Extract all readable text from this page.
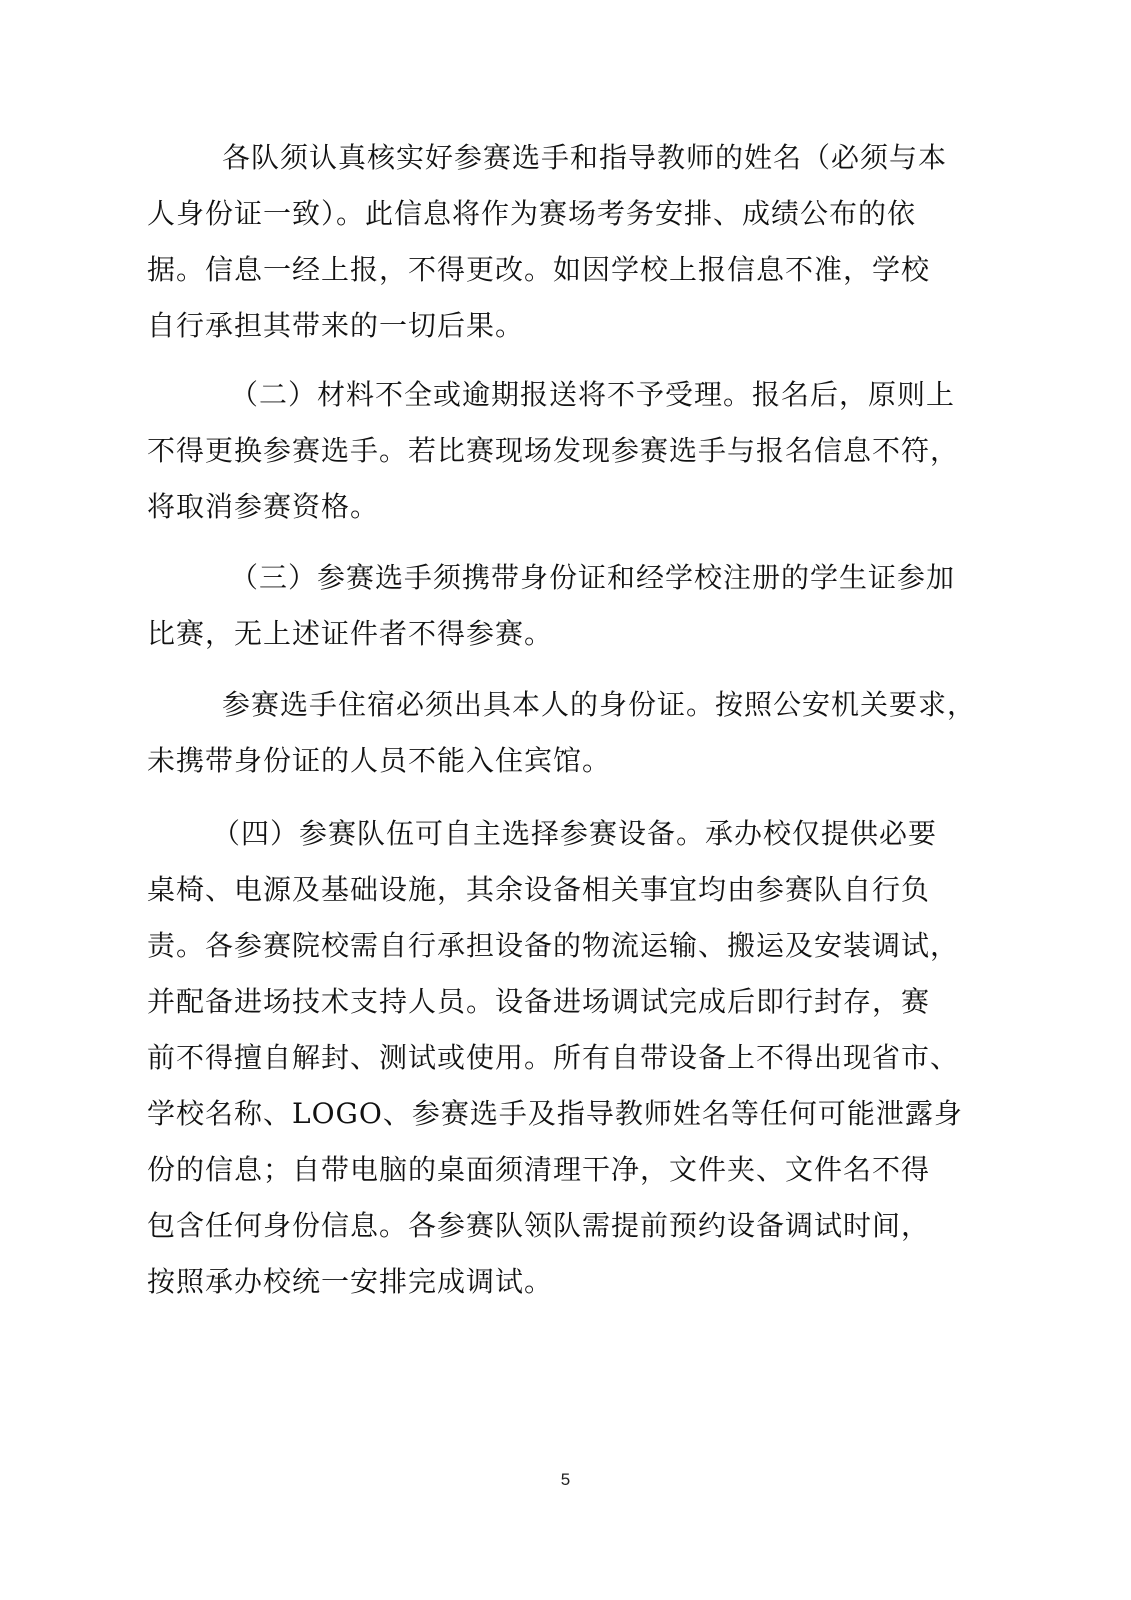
各队须认真核实好参赛选手和指导教师的姓名（必须与本

人身份证一致）。此信息将作为赛场考务安排、成绩公布的依

据。信息一经上报，不得更改。如因学校上报信息不准，学校

自行承担其带来的一切后果。

（二）材料不全或逾期报送将不予受理。报名后，原则上

不得更换参赛选手。若比赛现场发现参赛选手与报名信息不符，

将取消参赛资格。

（三）参赛选手须携带身份证和经学校注册的学生证参加

比赛，无上述证件者不得参赛。

参赛选手住宿必须出具本人的身份证。按照公安机关要求，

未携带身份证的人员不能入住宾馆。

（四）参赛队伍可自主选择参赛设备。承办校仅提供必要

桌椅、电源及基础设施，其余设备相关事宜均由参赛队自行负

责。各参赛院校需自行承担设备的物流运输、搬运及安装调试，

并配备进场技术支持人员。设备进场调试完成后即行封存，赛

前不得擅自解封、测试或使用。所有自带设备上不得出现省市、

学校名称、LOGO、参赛选手及指导教师姓名等任何可能泄露身

份的信息；自带电脑的桌面须清理干净，文件夹、文件名不得

包含任何身份信息。各参赛队领队需提前预约设备调试时间，

按照承办校统一安排完成调试。

5
